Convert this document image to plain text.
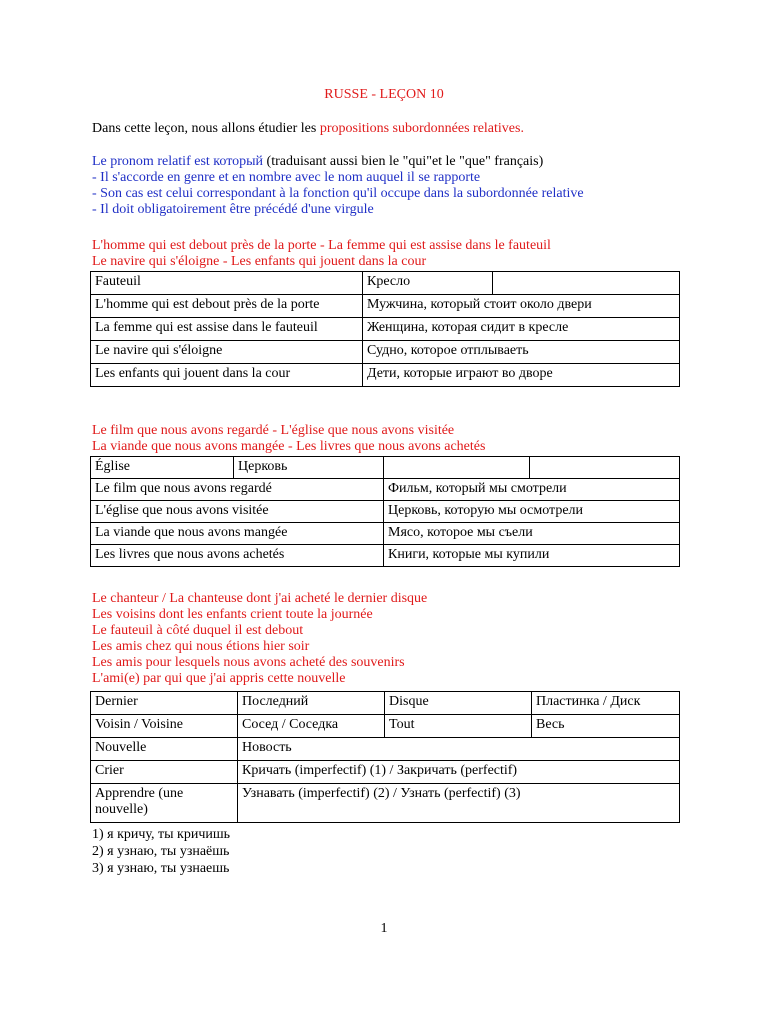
RUSSE - LEÇON 10
Dans cette leçon, nous allons étudier les propositions subordonnées relatives.
Le pronom relatif est который (traduisant aussi bien le "qui"et le "que" français)
- Il s'accorde en genre et en nombre avec le nom auquel il se rapporte
- Son cas est celui correspondant à la fonction qu'il occupe dans la subordonnée relative
- Il doit obligatoirement être précédé d'une virgule
L'homme qui est debout près de la porte - La femme qui est assise dans le fauteuil
Le navire qui s'éloigne - Les enfants qui jouent dans la cour
Fauteuil	Кресло	
L'homme qui est debout près de la porte	Мужчина, который стоит около двери	
La femme qui est assise dans le fauteuil	Женщина, которая сидит в кресле	
Le navire qui s'éloigne	Судно, которое отплываеть	
Les enfants qui jouent dans la cour	Дети, которые играют во дворе	
Le film que nous avons regardé - L'église que nous avons visitée
La viande que nous avons mangée - Les livres que nous avons achetés
Église	Церковь		
Le film que nous avons regardé		Фильм, который мы смотрели	
L'église que nous avons visitée		Церковь, которую мы осмотрели	
La viande que nous avons mangée		Мясо, которое мы съели	
Les livres que nous avons achetés		Книги, которые мы купили	
Le chanteur / La chanteuse dont j'ai acheté le dernier disque
Les voisins dont les enfants crient toute la journée
Le fauteuil à côté duquel il est debout
Les amis chez qui nous étions hier soir
Les amis pour lesquels nous avons acheté des souvenirs
L'ami(e) par qui que j'ai appris cette nouvelle
Dernier	Последний	Disque	Пластинка / Диск
Voisin / Voisine	Сосед / Соседка	Tout	Весь
Nouvelle	Новость		
Crier	Кричать (imperfectif) (1) / Закричать (perfectif)		
Apprendre (une nouvelle)	Узнавать (imperfectif) (2) / Узнать (perfectif) (3)		
1) я кричу, ты кричишь
2) я узнаю, ты узнаёшь
3) я узнаю, ты узнаешь
1
